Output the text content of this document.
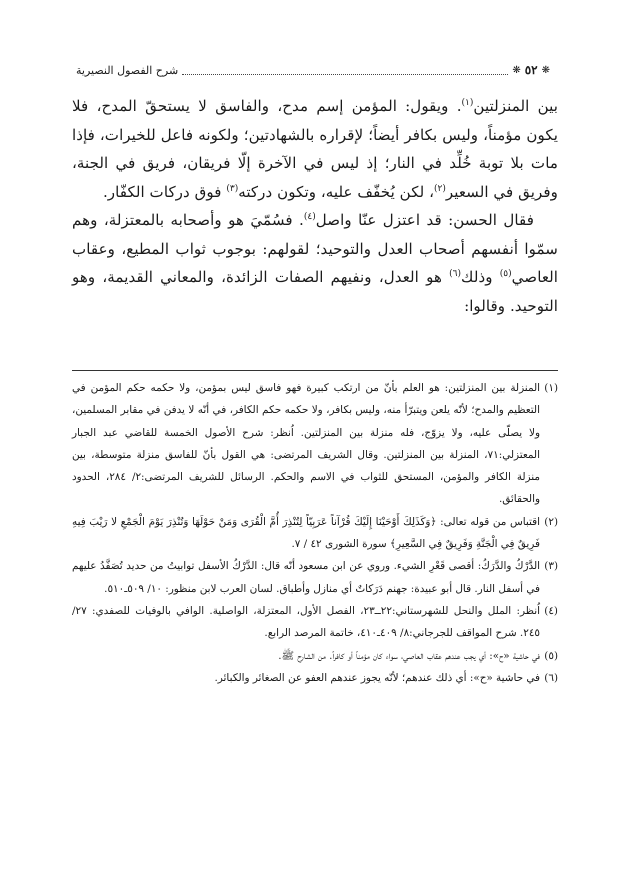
❋
٥٢
❋
شرح الفصول النصيرية

بين المنزلتين$^{(١)}$. ويقول: المؤمن إسم مدح، والفاسق لا يستحقّ المدح، فلا يكون مؤمناً، وليس بكافر أيضاً؛ لإقراره بالشهادتين؛ ولكونه فاعل للخيرات، فإذا مات بلا توبة خُلِّد في النار؛ إذ ليس في الآخرة إلّا فريقان، فريق في الجنة، وفريق في السعير$^{(٢)}$، لكن يُخفّف عليه، وتكون دركته$^{(٣)}$ فوق دركات الكفّار.

فقال الحسن: قد اعتزل عنّا واصل$^{(٤)}$. فسُمّيَ هو وأصحابه بالمعتزلة، وهم سمّوا أنفسهم أصحاب العدل والتوحيد؛ لقولهم: بوجوب ثواب المطيع، وعقاب العاصي$^{(٥)}$ وذلك$^{(٦)}$ هو العدل، ونفيهم الصفات الزائدة، والمعاني القديمة، وهو التوحيد. وقالوا:

(١)المنزلة بين المنزلتين: هو العلم بأنّ من ارتكب كبيرة فهو فاسق ليس بمؤمن، ولا حكمه حكم المؤمن في التعظيم والمدح؛ لأنّه يلعن ويتبرّأ منه، وليس بكافر، ولا حكمه حكم الكافر، في أنّه لا يدفن في مقابر المسلمين، ولا يصلّى عليه، ولا يزوّج، فله منزلة بين المنزلتين. اُنظر: شرح الأصول الخمسة للقاضي عبد الجبار المعتزلي:٧١، المنزلة بين المنزلتين. وقال الشريف المرتضى: هي القول بأنّ للفاسق منزلة متوسطة، بين منزلة الكافر والمؤمن، المستحق للثواب في الاسم والحكم. الرسائل للشريف المرتضى:٢/ ٢٨٤، الحدود والحقائق.

(٢)اقتباس من قوله تعالى: ﴿وَكَذَلِكَ أَوْحَيْنَا إِلَيْكَ قُرْآناً عَرَبِيّاً لِتُنْذِرَ أُمَّ الْقُرَى وَمَنْ حَوْلَهَا وَتُنْذِرَ يَوْمَ الْجَمْعِ لا رَيْبَ فِيهِ فَرِيقٌ فِي الْجَنَّةِ وَفَرِيقٌ فِي السَّعِيرِ﴾ سورة الشورى ٤٢ / ٧.

(٣)الدَّرْكُ والدَّرَكُ: أقصى قَعْرِ الشيء. وروي عن ابن مسعود أنّه قال: الدَّرْكُ الأسفل توابيتُ من حديد تُصَفَّدُ عليهم في أسفل النار. قال أبو عبيدة: جهنم دَرَكاتٌ أي منازل وأطباق. لسان العرب لابن منظور: ١٠/ ٥٠٩ـ٥١٠.

(٤)اُنظر: الملل والنحل للشهرستاني:٢٢ــ٢٣، الفصل الأول، المعتزلة، الواصلية. الوافي بالوفيات للصفدي: ٢٧/ ٢٤٥. شرح المواقف للجرجاني:٨/ ٤٠٩ـ٤١٠، خاتمة المرصد الرابع.

(٥)في حاشية «ح»: أي يجب عندهم عقاب العاصي، سواء كان مؤمناً أو كافراً. من الشارح ﷺ.

(٦)في حاشية «ح»: أي ذلك عندهم؛ لأنّه يجوز عندهم العفو عن الصغائر والكبائر.
